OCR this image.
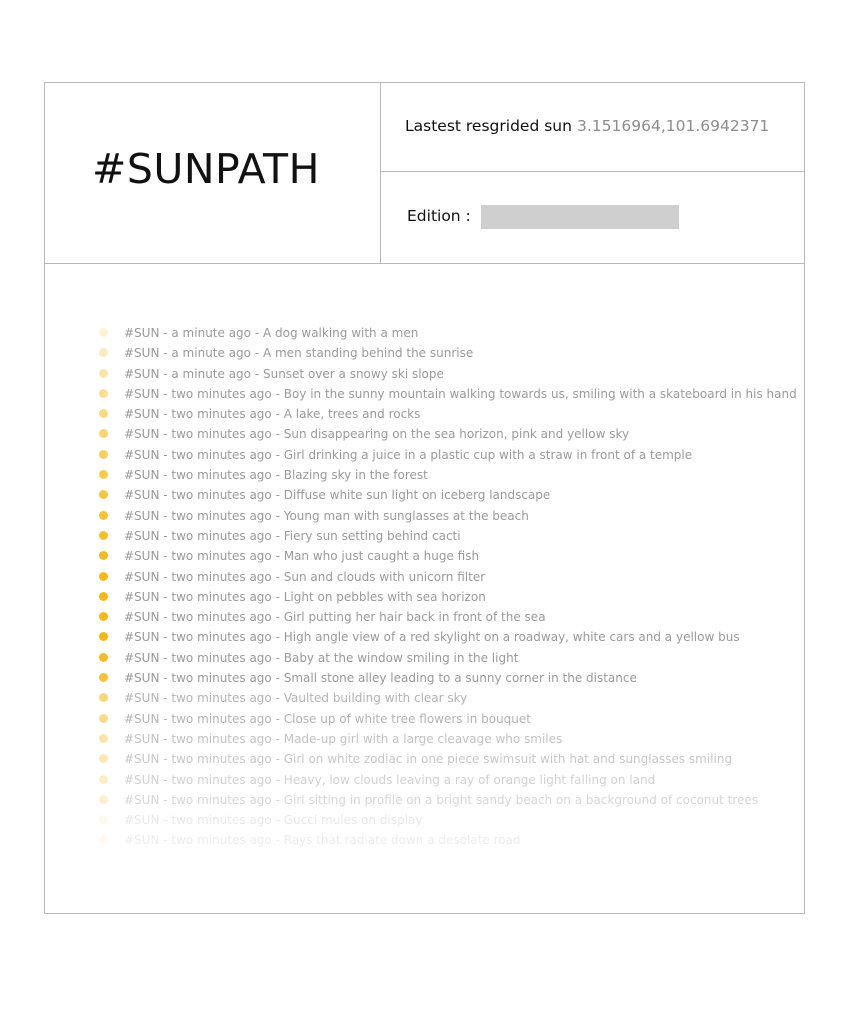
#SUNPATH
Lastest resgrided sun 3.1516964,101.6942371
Edition :
#SUN - a minute ago - A dog walking with a men
#SUN - a minute ago - A men standing behind the sunrise
#SUN - a minute ago - Sunset over a snowy ski slope
#SUN - two minutes ago - Boy in the sunny mountain walking towards us, smiling with a skateboard in his hand
#SUN - two minutes ago - A lake, trees and rocks
#SUN - two minutes ago - Sun disappearing on the sea horizon, pink and yellow sky
#SUN - two minutes ago - Girl drinking a juice in a plastic cup with a straw in front of a temple
#SUN - two minutes ago - Blazing sky in the forest
#SUN - two minutes ago - Diffuse white sun light on iceberg landscape
#SUN - two minutes ago - Young man with sunglasses at the beach
#SUN - two minutes ago - Fiery sun setting behind cacti
#SUN - two minutes ago - Man who just caught a huge fish
#SUN - two minutes ago - Sun and clouds with unicorn filter
#SUN - two minutes ago - Light on pebbles with sea horizon
#SUN - two minutes ago - Girl putting her hair back in front of the sea
#SUN - two minutes ago - High angle view of a red skylight on a roadway, white cars and a yellow bus
#SUN - two minutes ago - Baby at the window smiling in the light
#SUN - two minutes ago - Small stone alley leading to a sunny corner in the distance
#SUN - two minutes ago - Vaulted building with clear sky
#SUN - two minutes ago - Close up of white tree flowers in bouquet
#SUN - two minutes ago - Made-up girl with a large cleavage who smiles
#SUN - two minutes ago - Girl on white zodiac in one piece swimsuit with hat and sunglasses smiling
#SUN - two minutes ago - Heavy, low clouds leaving a ray of orange light falling on land
#SUN - two minutes ago - Girl sitting in profile on a bright sandy beach on a background of coconut trees
#SUN - two minutes ago - Gucci mules on display
#SUN - two minutes ago - Rays that radiate down a desolate road
